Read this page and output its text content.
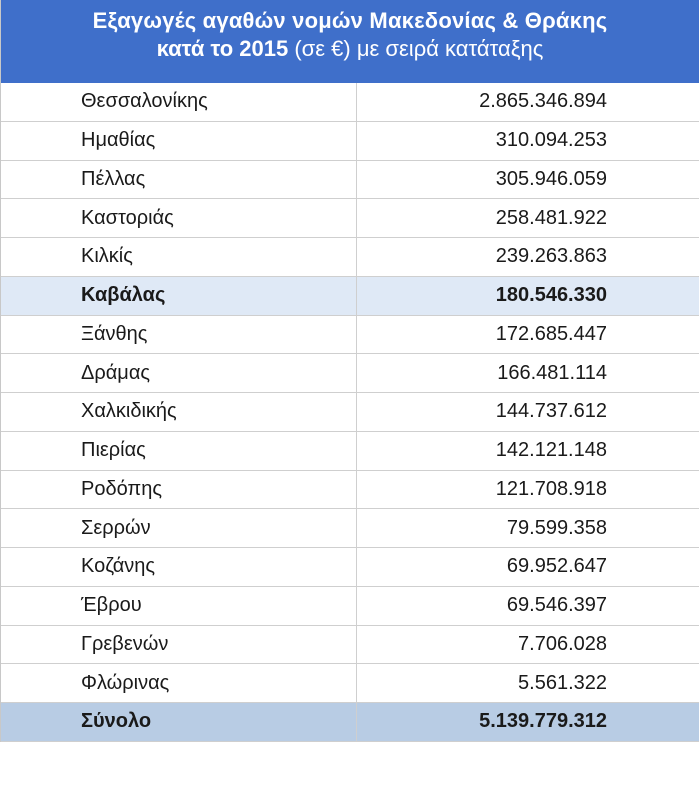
Εξαγωγές αγαθών νομών Μακεδονίας & Θράκης
κατά το 2015 (σε €) με σειρά κατάταξης
Θεσσαλονίκης	2.865.346.894
Ημαθίας	310.094.253
Πέλλας	305.946.059
Καστοριάς	258.481.922
Κιλκίς	239.263.863
Καβάλας	180.546.330
Ξάνθης	172.685.447
Δράμας	166.481.114
Χαλκιδικής	144.737.612
Πιερίας	142.121.148
Ροδόπης	121.708.918
Σερρών	79.599.358
Κοζάνης	69.952.647
Έβρου	69.546.397
Γρεβενών	7.706.028
Φλώρινας	5.561.322
Σύνολο	5.139.779.312
